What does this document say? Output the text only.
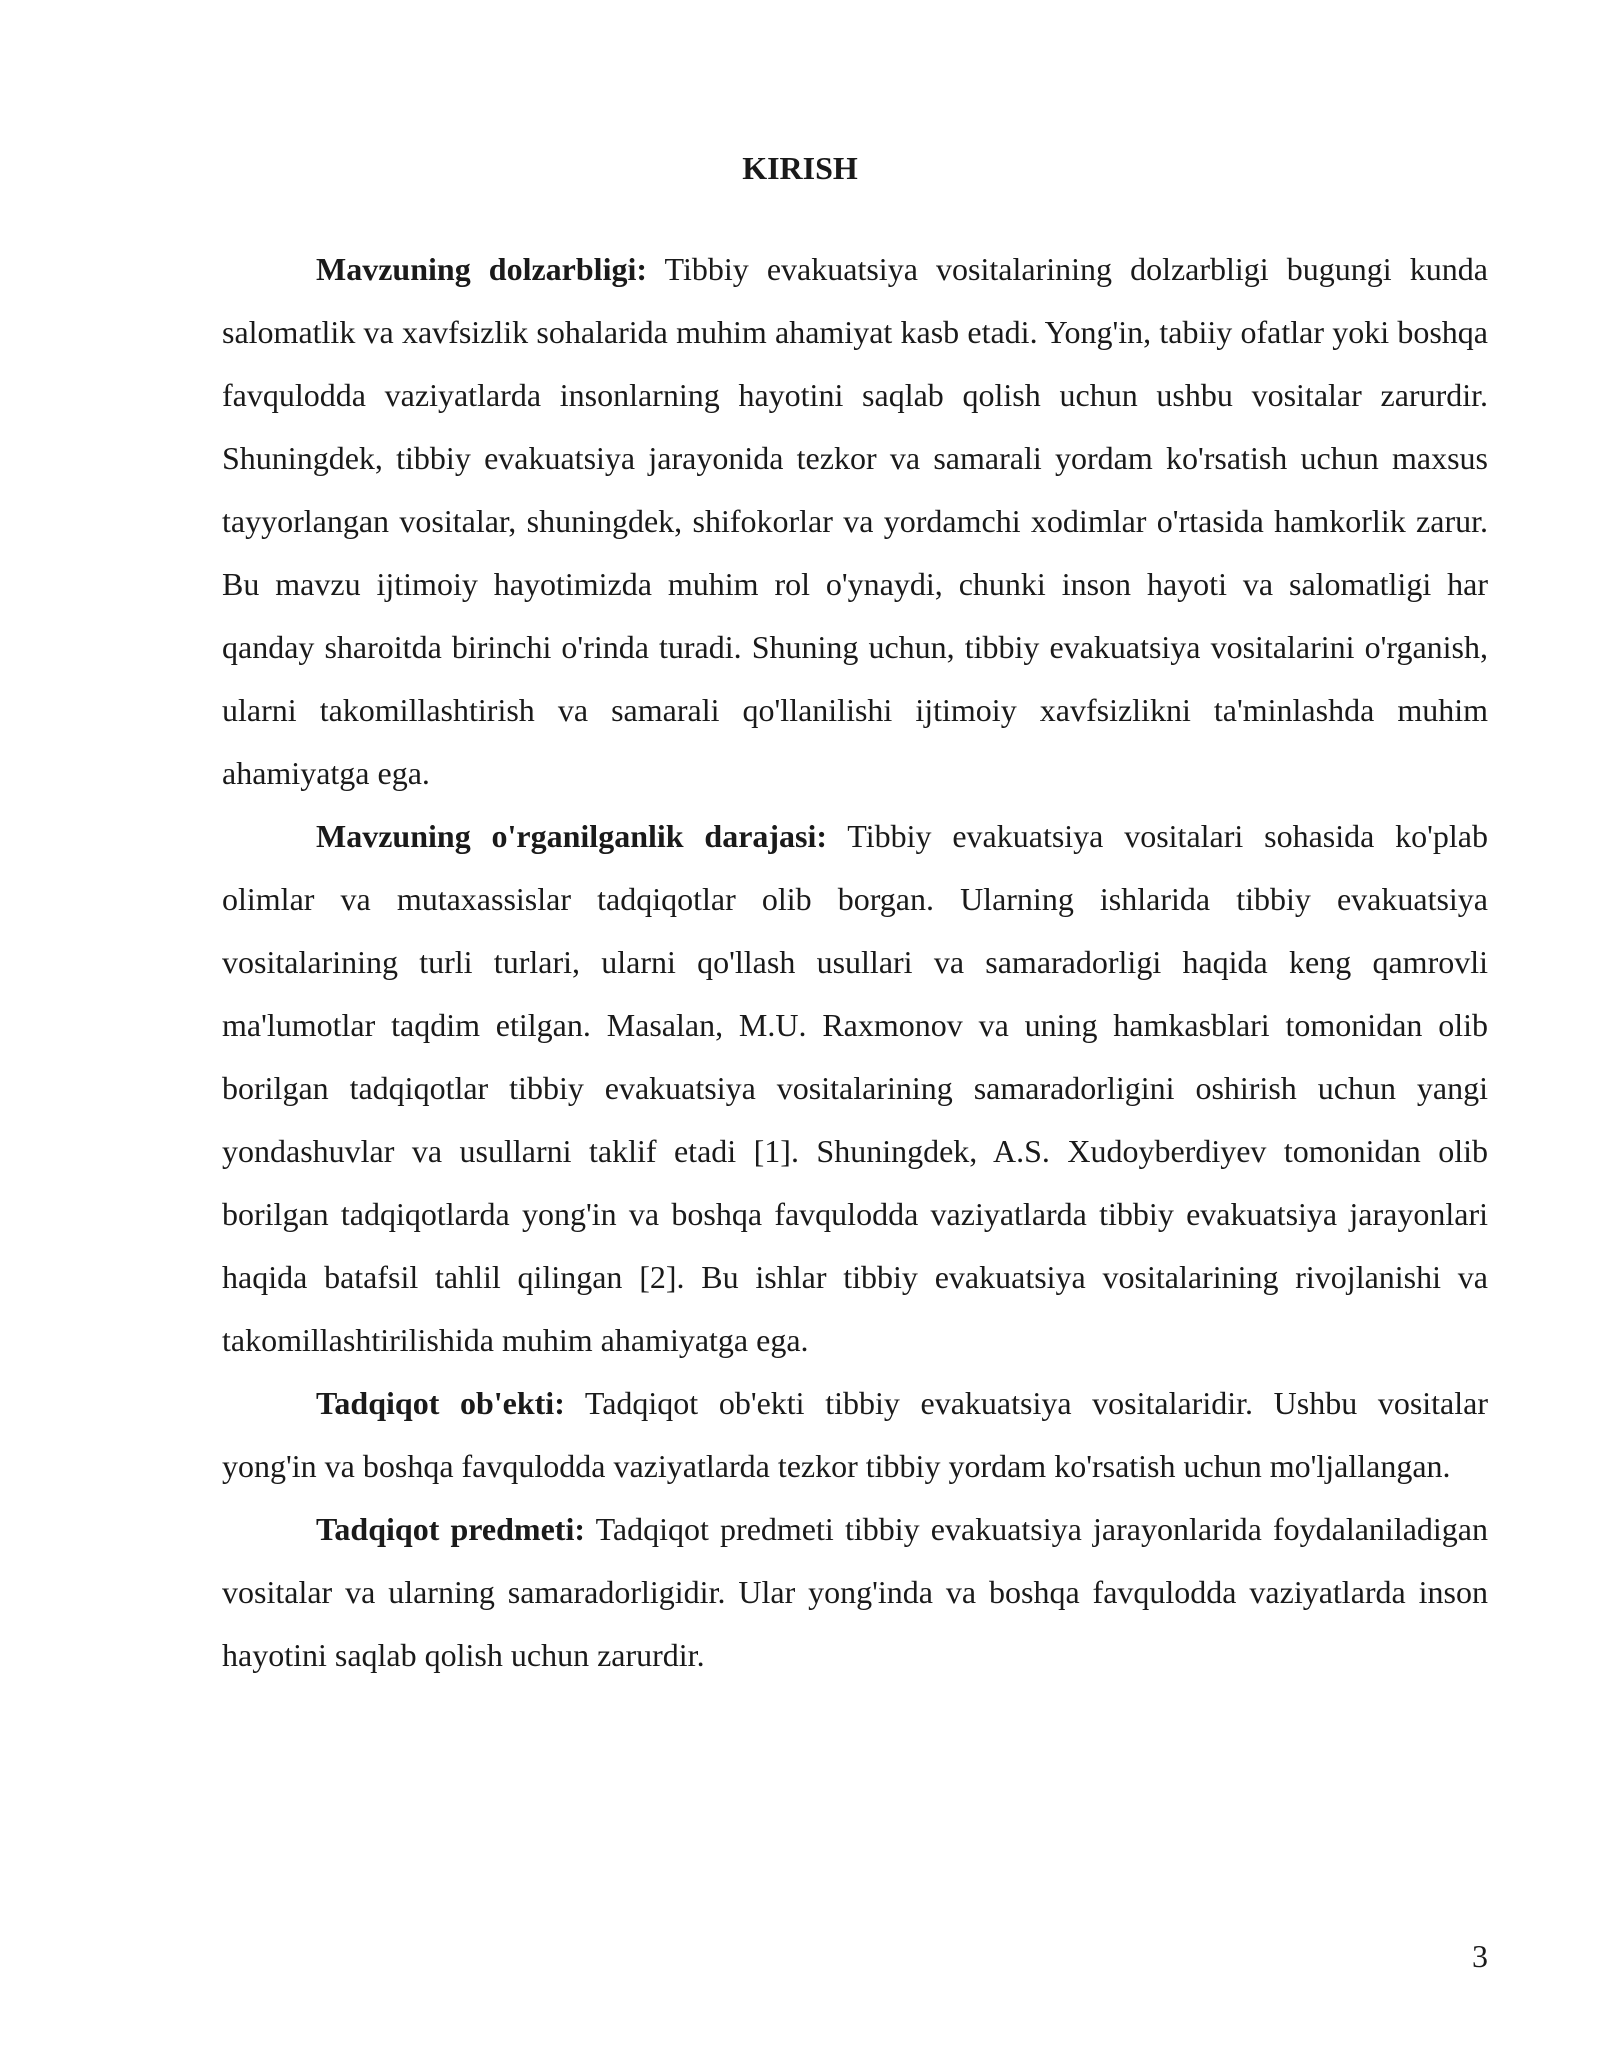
KIRISH

Mavzuning dolzarbligi: Tibbiy evakuatsiya vositalarining dolzarbligi bugungi kunda salomatlik va xavfsizlik sohalarida muhim ahamiyat kasb etadi. Yong'in, tabiiy ofatlar yoki boshqa favqulodda vaziyatlarda insonlarning hayotini saqlab qolish uchun ushbu vositalar zarurdir. Shuningdek, tibbiy evakuatsiya jarayonida tezkor va samarali yordam ko'rsatish uchun maxsus tayyorlangan vositalar, shuningdek, shifokorlar va yordamchi xodimlar o'rtasida hamkorlik zarur. Bu mavzu ijtimoiy hayotimizda muhim rol o'ynaydi, chunki inson hayoti va salomatligi har qanday sharoitda birinchi o'rinda turadi. Shuning uchun, tibbiy evakuatsiya vositalarini o'rganish, ularni takomillashtirish va samarali qo'llanilishi ijtimoiy xavfsizlikni ta'minlashda muhim ahamiyatga ega.

Mavzuning o'rganilganlik darajasi: Tibbiy evakuatsiya vositalari sohasida ko'plab olimlar va mutaxassislar tadqiqotlar olib borgan. Ularning ishlarida tibbiy evakuatsiya vositalarining turli turlari, ularni qo'llash usullari va samaradorligi haqida keng qamrovli ma'lumotlar taqdim etilgan. Masalan, M.U. Raxmonov va uning hamkasblari tomonidan olib borilgan tadqiqotlar tibbiy evakuatsiya vositalarining samaradorligini oshirish uchun yangi yondashuvlar va usullarni taklif etadi [1]. Shuningdek, A.S. Xudoyberdiyev tomonidan olib borilgan tadqiqotlarda yong'in va boshqa favqulodda vaziyatlarda tibbiy evakuatsiya jarayonlari haqida batafsil tahlil qilingan [2]. Bu ishlar tibbiy evakuatsiya vositalarining rivojlanishi va takomillashtirilishida muhim ahamiyatga ega.

Tadqiqot ob'ekti: Tadqiqot ob'ekti tibbiy evakuatsiya vositalaridir. Ushbu vositalar yong'in va boshqa favqulodda vaziyatlarda tezkor tibbiy yordam ko'rsatish uchun mo'ljallangan.

Tadqiqot predmeti: Tadqiqot predmeti tibbiy evakuatsiya jarayonlarida foydalaniladigan vositalar va ularning samaradorligidir. Ular yong'inda va boshqa favqulodda vaziyatlarda inson hayotini saqlab qolish uchun zarurdir.

3
